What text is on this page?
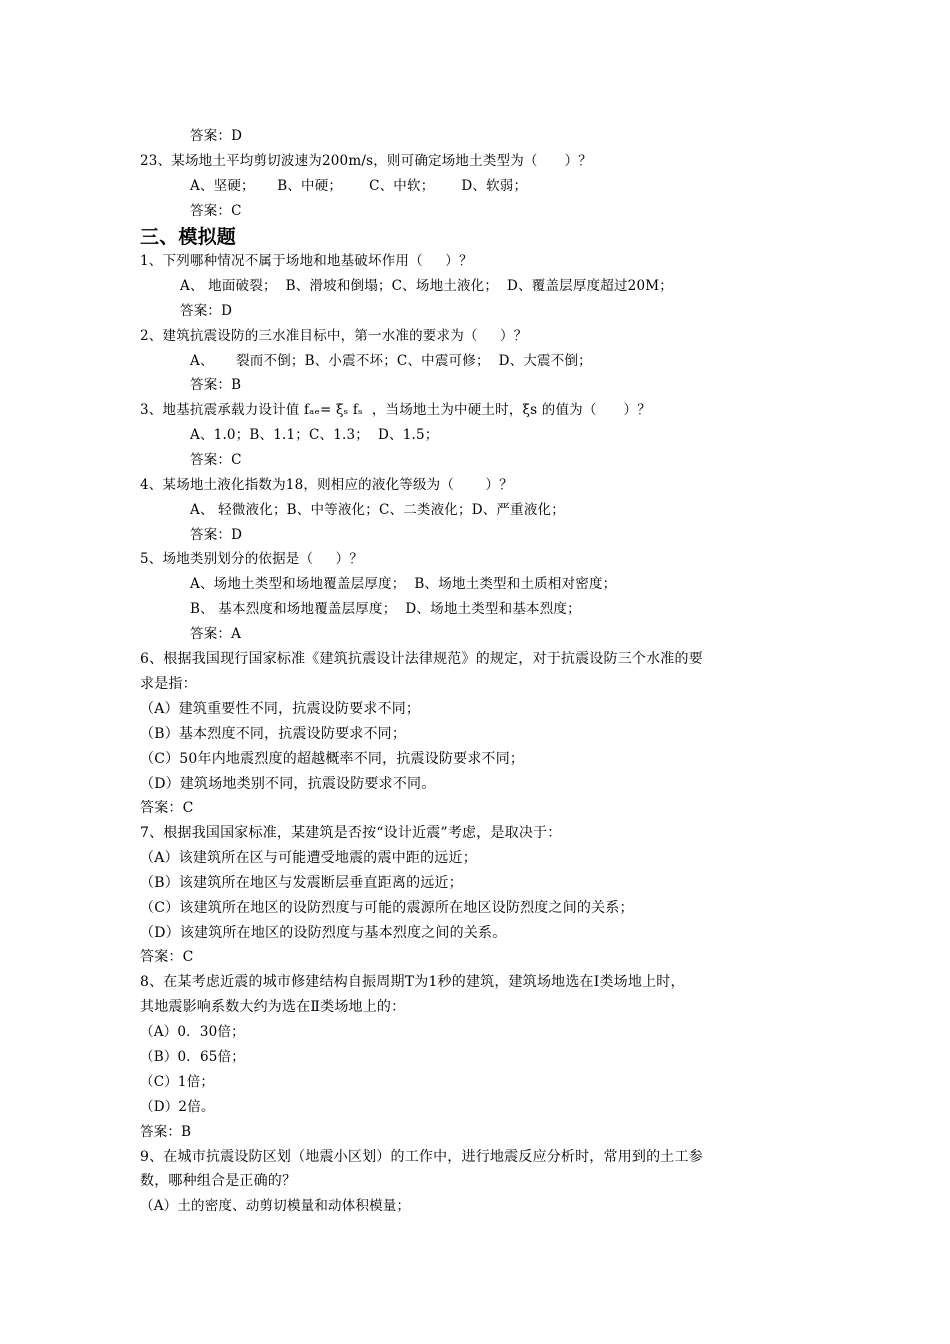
答案：D
23、某场地土平均剪切波速为200m/s，则可确定场地土类型为（      ）？
A、坚硬；     B、中硬；      C、中软；      D、软弱；
答案：C
三、模拟题
1、下列哪种情况不属于场地和地基破坏作用（     ）？
A、 地面破裂；  B、滑坡和倒塌；C、场地土液化；  D、覆盖层厚度超过20M；
答案：D
2、建筑抗震设防的三水准目标中，第一水准的要求为（     ）？
A、     裂而不倒；B、小震不坏；C、中震可修；  D、大震不倒；
答案：B
3、地基抗震承载力设计值 fₐₑ= ξₛ fₛ  ，当场地土为中硬土时，ξs 的值为（      ）？
A、1.0；B、1.1；C、1.3；  D、1.5；
答案：C
4、某场地土液化指数为18，则相应的液化等级为（       ）？
A、 轻微液化；B、中等液化；C、二类液化；D、严重液化；
答案：D
5、场地类别划分的依据是（     ）？
A、场地土类型和场地覆盖层厚度；  B、场地土类型和土质相对密度；
B、 基本烈度和场地覆盖层厚度；  D、场地土类型和基本烈度；
答案：A
6、根据我国现行国家标准《建筑抗震设计法律规范》的规定，对于抗震设防三个水准的要
求是指：
（A）建筑重要性不同，抗震设防要求不同；
（B）基本烈度不同，抗震设防要求不同；
（C）50年内地震烈度的超越概率不同，抗震设防要求不同；
（D）建筑场地类别不同，抗震设防要求不同。
答案：C
7、根据我国国家标准，某建筑是否按“设计近震”考虑，是取决于：
（A）该建筑所在区与可能遭受地震的震中距的远近；
（B）该建筑所在地区与发震断层垂直距离的远近；
（C）该建筑所在地区的设防烈度与可能的震源所在地区设防烈度之间的关系；
（D）该建筑所在地区的设防烈度与基本烈度之间的关系。
答案：C
8、在某考虑近震的城市修建结构自振周期T为1秒的建筑，建筑场地选在Ⅰ类场地上时，
其地震影响系数大约为选在Ⅱ类场地上的：
（A）0．30倍；
（B）0．65倍；
（C）1倍；
（D）2倍。
答案：B
9、在城市抗震设防区划（地震小区划）的工作中，进行地震反应分析时，常用到的土工参
数，哪种组合是正确的？
（A）土的密度、动剪切模量和动体积模量；
